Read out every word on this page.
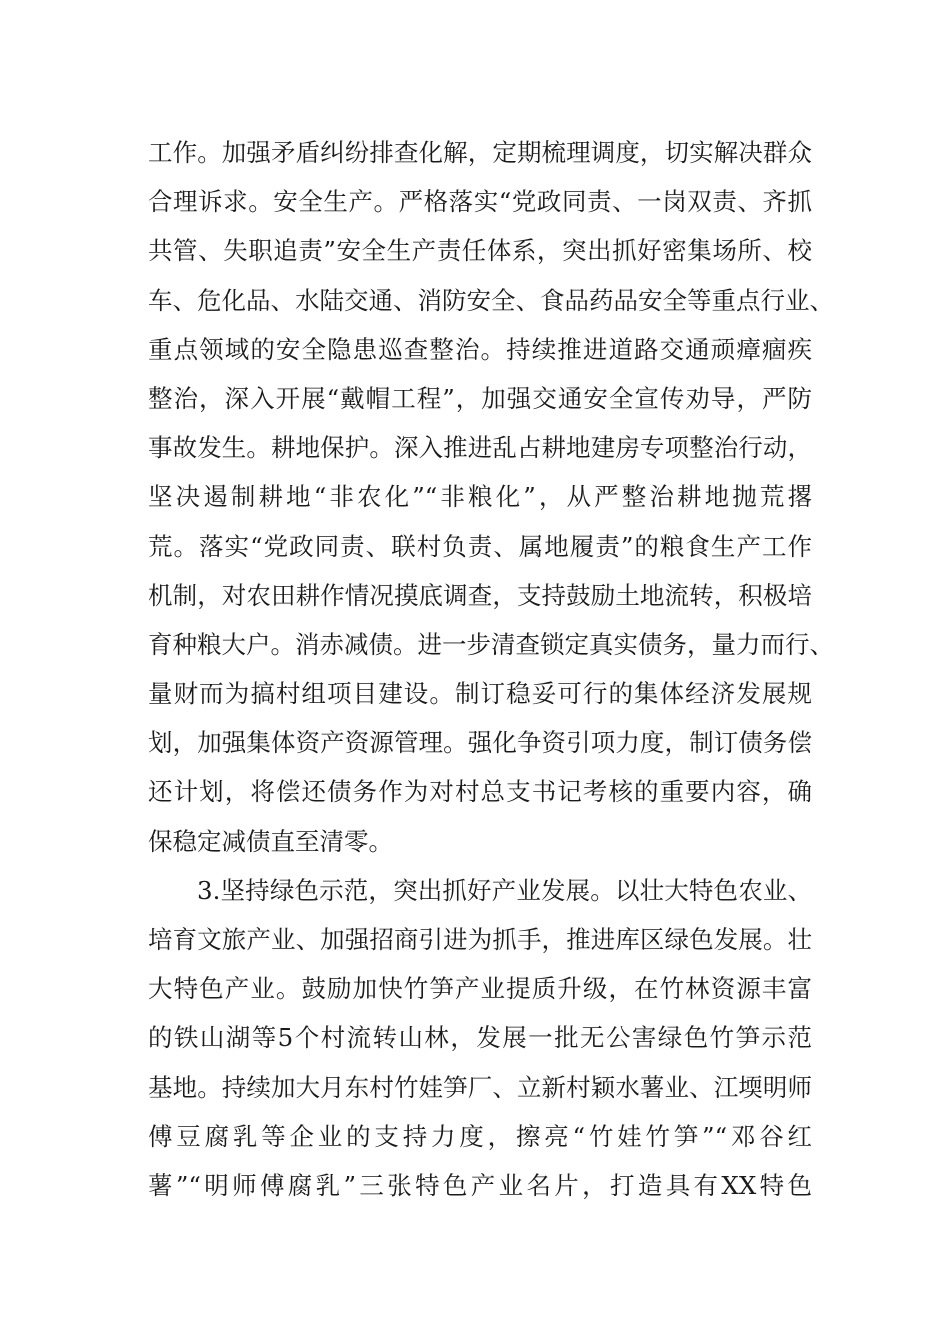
工作。加强矛盾纠纷排查化解，定期梳理调度，切实解决群众
合理诉求。安全生产。严格落实“党政同责、一岗双责、齐抓
共管、失职追责”安全生产责任体系，突出抓好密集场所、校
车、危化品、水陆交通、消防安全、食品药品安全等重点行业、
重点领域的安全隐患巡查整治。持续推进道路交通顽瘴痼疾
整治，深入开展“戴帽工程”，加强交通安全宣传劝导，严防
事故发生。耕地保护。深入推进乱占耕地建房专项整治行动，
坚决遏制耕地“非农化”“非粮化”，从严整治耕地抛荒撂
荒。落实“党政同责、联村负责、属地履责”的粮食生产工作
机制，对农田耕作情况摸底调查，支持鼓励土地流转，积极培
育种粮大户。消赤减债。进一步清查锁定真实债务，量力而行、
量财而为搞村组项目建设。制订稳妥可行的集体经济发展规
划，加强集体资产资源管理。强化争资引项力度，制订债务偿
还计划，将偿还债务作为对村总支书记考核的重要内容，确
保稳定减债直至清零。
3.坚持绿色示范，突出抓好产业发展。以壮大特色农业、
培育文旅产业、加强招商引进为抓手，推进库区绿色发展。壮
大特色产业。鼓励加快竹笋产业提质升级，在竹林资源丰富
的铁山湖等5个村流转山林，发展一批无公害绿色竹笋示范
基地。持续加大月东村竹娃笋厂、立新村颖水薯业、江堧明师
傅豆腐乳等企业的支持力度，擦亮“竹娃竹笋”“邓谷红
薯”“明师傅腐乳”三张特色产业名片，打造具有XX特色
